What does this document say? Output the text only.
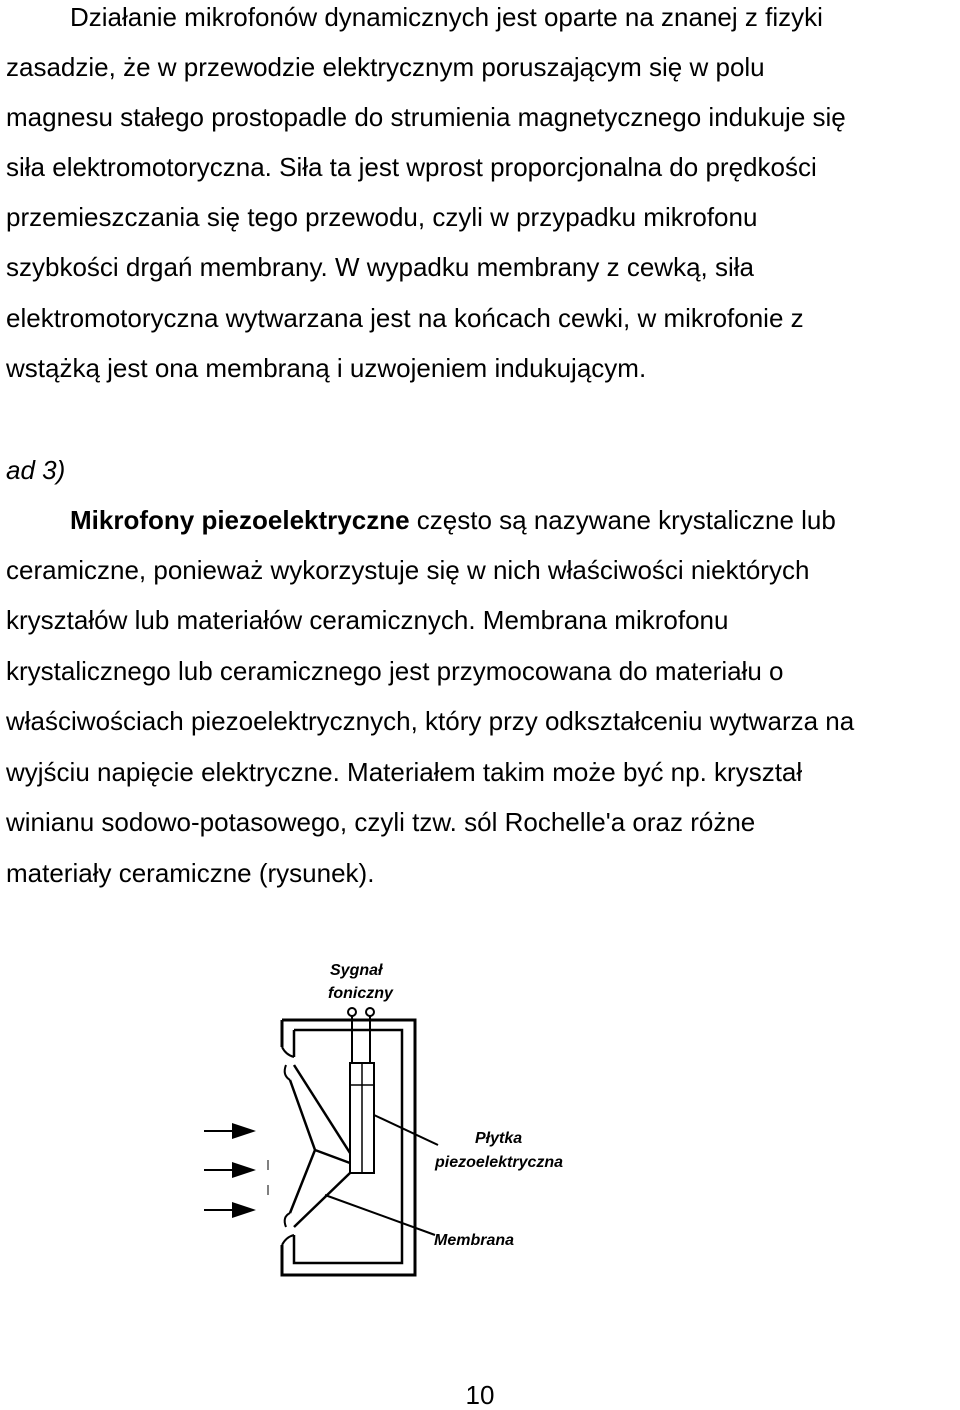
Działanie mikrofonów dynamicznych jest oparte na znanej z fizyki
zasadzie, że w przewodzie elektrycznym poruszającym się w polu
magnesu stałego prostopadle do strumienia magnetycznego indukuje się
siła elektromotoryczna. Siła ta jest wprost proporcjonalna do prędkości
przemieszczania się tego przewodu, czyli w przypadku mikrofonu
szybkości drgań membrany. W wypadku membrany z cewką, siła
elektromotoryczna wytwarzana jest na końcach cewki, w mikrofonie z
wstążką jest ona membraną i uzwojeniem indukującym.
ad 3)
Mikrofony piezoelektryczne często są nazywane krystaliczne lub
ceramiczne, ponieważ wykorzystuje się w nich właściwości niektórych
kryształów lub materiałów ceramicznych. Membrana mikrofonu
krystalicznego lub ceramicznego jest przymocowana do materiału o
właściwościach piezoelektrycznych, który przy odkształceniu wytwarza na
wyjściu napięcie elektryczne. Materiałem takim może być np. kryształ
winianu sodowo-potasowego, czyli tzw. sól Rochelle'a oraz różne
materiały ceramiczne (rysunek).
Sygnał
foniczny
Płytka
piezoelektryczna
Membrana
10
